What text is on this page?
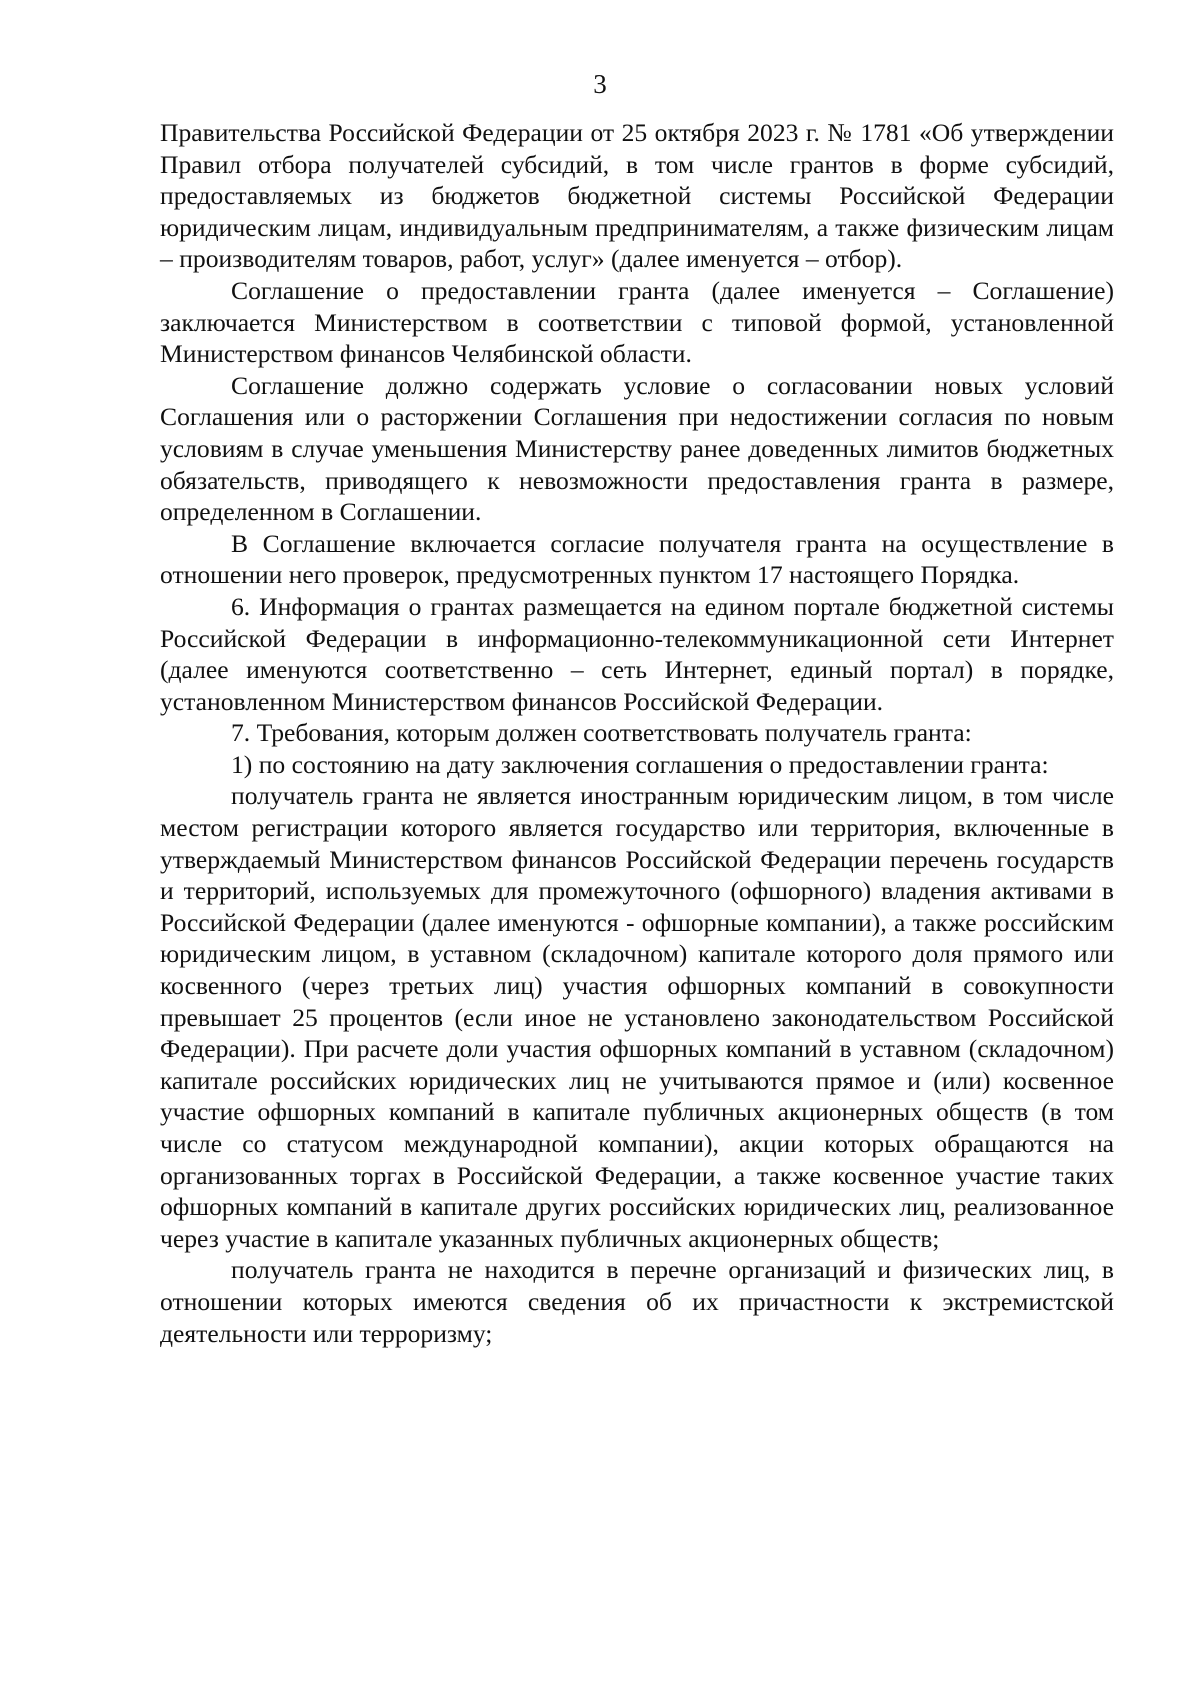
3

Правительства Российской Федерации от 25 октября 2023 г. № 1781 «Об утверждении Правил отбора получателей субсидий, в том числе грантов в форме субсидий, предоставляемых из бюджетов бюджетной системы Российской Федерации юридическим лицам, индивидуальным предпринимателям, а также физическим лицам – производителям товаров, работ, услуг» (далее именуется – отбор).

Соглашение о предоставлении гранта (далее именуется – Соглашение) заключается Министерством в соответствии с типовой формой, установленной Министерством финансов Челябинской области.

Соглашение должно содержать условие о согласовании новых условий Соглашения или о расторжении Соглашения при недостижении согласия по новым условиям в случае уменьшения Министерству ранее доведенных лимитов бюджетных обязательств, приводящего к невозможности предоставления гранта в размере, определенном в Соглашении.

В Соглашение включается согласие получателя гранта на осуществление в отношении него проверок, предусмотренных пунктом 17 настоящего Порядка.

6. Информация о грантах размещается на едином портале бюджетной системы Российской Федерации в информационно-телекоммуникационной сети Интернет (далее именуются соответственно – сеть Интернет, единый портал) в порядке, установленном Министерством финансов Российской Федерации.

7. Требования, которым должен соответствовать получатель гранта:

1) по состоянию на дату заключения соглашения о предоставлении гранта:

получатель гранта не является иностранным юридическим лицом, в том числе местом регистрации которого является государство или территория, включенные в утверждаемый Министерством финансов Российской Федерации перечень государств и территорий, используемых для промежуточного (офшорного) владения активами в Российской Федерации (далее именуются - офшорные компании), а также российским юридическим лицом, в уставном (складочном) капитале которого доля прямого или косвенного (через третьих лиц) участия офшорных компаний в совокупности превышает 25 процентов (если иное не установлено законодательством Российской Федерации). При расчете доли участия офшорных компаний в уставном (складочном) капитале российских юридических лиц не учитываются прямое и (или) косвенное участие офшорных компаний в капитале публичных акционерных обществ (в том числе со статусом международной компании), акции которых обращаются на организованных торгах в Российской Федерации, а также косвенное участие таких офшорных компаний в капитале других российских юридических лиц, реализованное через участие в капитале указанных публичных акционерных обществ;

получатель гранта не находится в перечне организаций и физических лиц, в отношении которых имеются сведения об их причастности к экстремистской деятельности или терроризму;
